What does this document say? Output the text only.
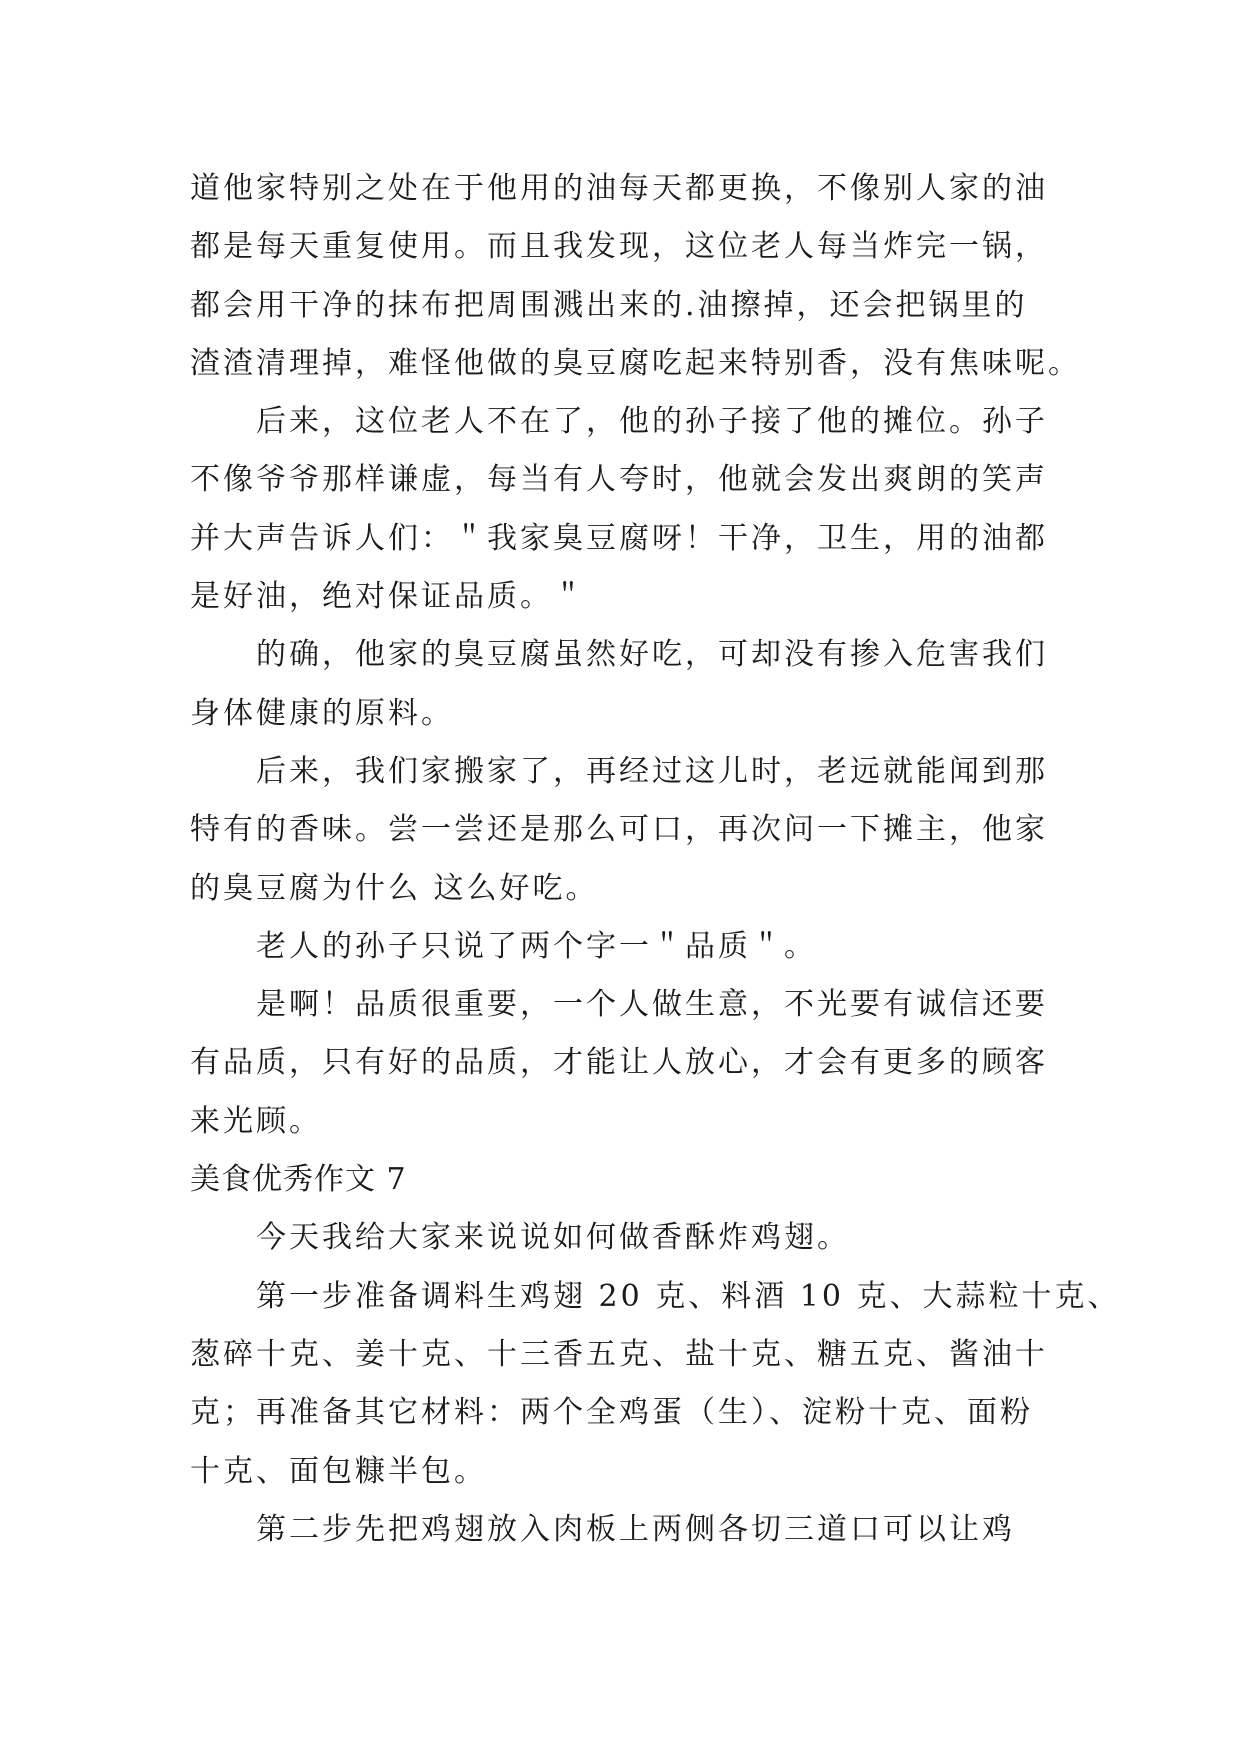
道他家特别之处在于他用的油每天都更换，不像别人家的油
都是每天重复使用。而且我发现，这位老人每当炸完一锅，
都会用干净的抹布把周围溅出来的.油擦掉，还会把锅里的
渣渣清理掉，难怪他做的臭豆腐吃起来特别香，没有焦味呢。
后来，这位老人不在了，他的孙子接了他的摊位。孙子
不像爷爷那样谦虚，每当有人夸时，他就会发出爽朗的笑声
并大声告诉人们：＂我家臭豆腐呀！干净，卫生，用的油都
是好油，绝对保证品质。＂
的确，他家的臭豆腐虽然好吃，可却没有掺入危害我们
身体健康的原料。
后来，我们家搬家了，再经过这儿时，老远就能闻到那
特有的香味。尝一尝还是那么可口，再次问一下摊主，他家
的臭豆腐为什么 这么好吃。
老人的孙子只说了两个字一＂品质＂。
是啊！品质很重要，一个人做生意，不光要有诚信还要
有品质，只有好的品质，才能让人放心，才会有更多的顾客
来光顾。
美食优秀作文 7
今天我给大家来说说如何做香酥炸鸡翅。
第一步准备调料生鸡翅 20 克、料酒 10 克、大蒜粒十克、
葱碎十克、姜十克、十三香五克、盐十克、糖五克、酱油十
克；再准备其它材料：两个全鸡蛋（生）、淀粉十克、面粉
十克、面包糠半包。
第二步先把鸡翅放入肉板上两侧各切三道口可以让鸡
